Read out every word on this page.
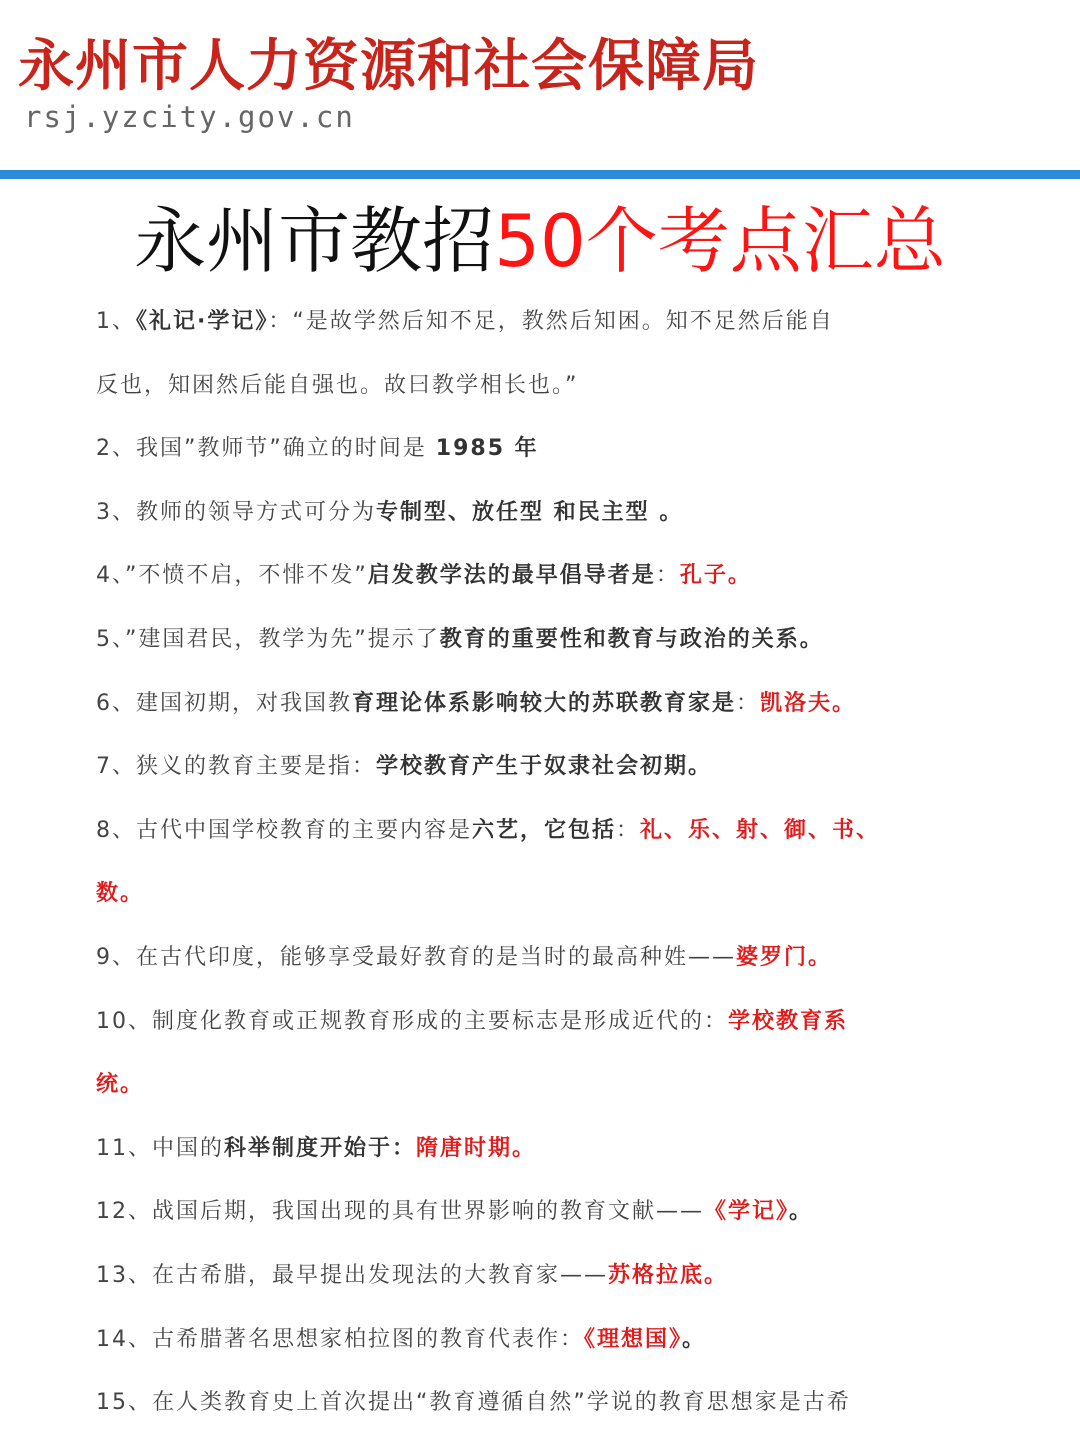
永州市人力资源和社会保障局
rsj.yzcity.gov.cn
永州市教招50个考点汇总
1、《礼记·学记》：“是故学然后知不足，教然后知困。知不足然后能自
反也，知困然后能自强也。故曰教学相长也。”
2、我国”教师节”确立的时间是 1985 年
3、教师的领导方式可分为专制型、放任型 和民主型 。
4、”不愤不启，不悱不发”启发教学法的最早倡导者是：孔子。
5、”建国君民，教学为先”提示了教育的重要性和教育与政治的关系。
6、建国初期，对我国教育理论体系影响较大的苏联教育家是：凯洛夫。
7、狭义的教育主要是指：学校教育产生于奴隶社会初期。
8、古代中国学校教育的主要内容是六艺，它包括：礼、乐、射、御、书、
数。
9、在古代印度，能够享受最好教育的是当时的最高种姓——婆罗门。
10、制度化教育或正规教育形成的主要标志是形成近代的：学校教育系
统。
11、中国的科举制度开始于：隋唐时期。
12、战国后期，我国出现的具有世界影响的教育文献——《学记》。
13、在古希腊，最早提出发现法的大教育家——苏格拉底。
14、古希腊著名思想家柏拉图的教育代表作：《理想国》。
15、在人类教育史上首次提出“教育遵循自然”学说的教育思想家是古希
